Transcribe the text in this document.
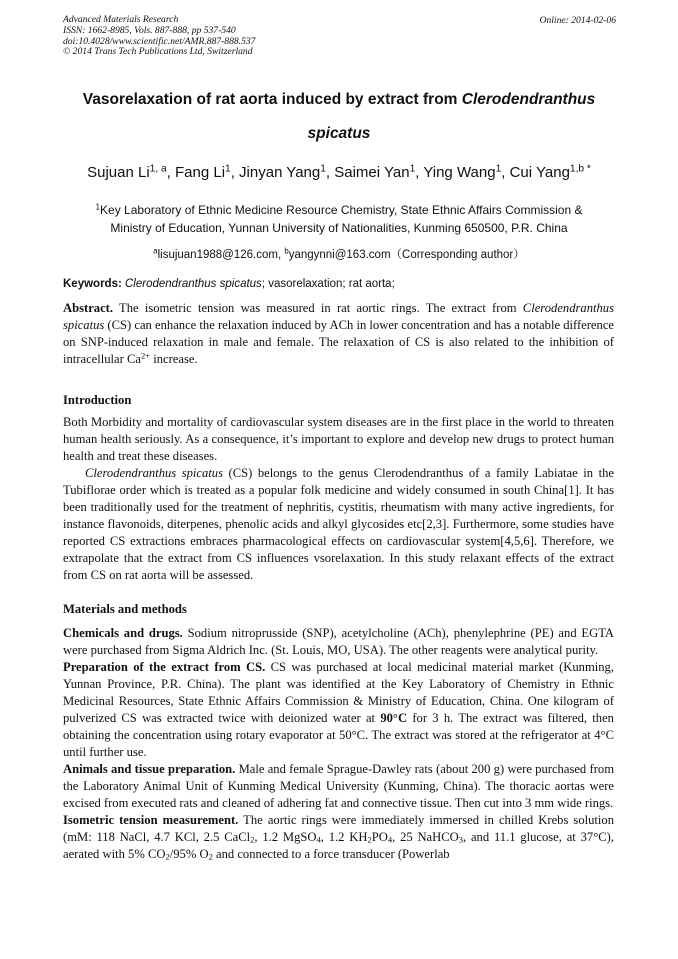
Advanced Materials Research
ISSN: 1662-8985, Vols. 887-888, pp 537-540
doi:10.4028/www.scientific.net/AMR.887-888.537
© 2014 Trans Tech Publications Ltd, Switzerland
Online: 2014-02-06
Vasorelaxation of rat aorta induced by extract from Clerodendranthus
spicatus
Sujuan Li$^{1, a}$, Fang Li$^1$, Jinyan Yang$^1$, Saimei Yan$^1$, Ying Wang$^1$, Cui Yang$^{1,b *}$
$^1$Key Laboratory of Ethnic Medicine Resource Chemistry, State Ethnic Affairs Commission &
Ministry of Education, Yunnan University of Nationalities, Kunming 650500, P.R. China
$^a$lisujuan1988@126.com, $^b$yangynni@163.com（Corresponding author）
Keywords: Clerodendranthus spicatus; vasorelaxation; rat aorta;

Abstract. The isometric tension was measured in rat aortic rings. The extract from Clerodendranthus spicatus (CS) can enhance the relaxation induced by ACh in lower concentration and has a notable difference on SNP-induced relaxation in male and female. The relaxation of CS is also related to the inhibition of intracellular $Ca^{2+}$ increase.

Introduction

Both Morbidity and mortality of cardiovascular system diseases are in the first place in the world to threaten human health seriously. As a consequence, it’s important to explore and develop new drugs to protect human health and treat these diseases.

Clerodendranthus spicatus (CS) belongs to the genus Clerodendranthus of a family Labiatae in the Tubiflorae order which is treated as a popular folk medicine and widely consumed in south China[1]. It has been traditionally used for the treatment of nephritis, cystitis, rheumatism with many active ingredients, for instance flavonoids, diterpenes, phenolic acids and alkyl glycosides etc[2,3]. Furthermore, some studies have reported CS extractions embraces pharmacological effects on cardiovascular system[4,5,6]. Therefore, we extrapolate that the extract from CS influences vsorelaxation. In this study relaxant effects of the extract from CS on rat aorta will be assessed.

Materials and methods

Chemicals and drugs. Sodium nitroprusside (SNP), acetylcholine (ACh), phenylephrine (PE) and EGTA were purchased from Sigma Aldrich Inc. (St. Louis, MO, USA). The other reagents were analytical purity.

Preparation of the extract from CS. CS was purchased at local medicinal material market (Kunming, Yunnan Province, P.R. China). The plant was identified at the Key Laboratory of Chemistry in Ethnic Medicinal Resources, State Ethnic Affairs Commission & Ministry of Education, China. One kilogram of pulverized CS was extracted twice with deionized water at 90°C for 3 h. The extract was filtered, then obtaining the concentration using rotary evaporator at 50°C. The extract was stored at the refrigerator at 4°C until further use.

Animals and tissue preparation. Male and female Sprague-Dawley rats (about 200 g) were purchased from the Laboratory Animal Unit of Kunming Medical University (Kunming, China). The thoracic aortas were excised from executed rats and cleaned of adhering fat and connective tissue. Then cut into 3 mm wide rings.

Isometric tension measurement. The aortic rings were immediately immersed in chilled Krebs solution (mM: 118 NaCl, 4.7 KCl, 2.5 CaCl$_2$, 1.2 MgSO$_4$, 1.2 $KH_2PO_4$, 25 NaHCO$_3$, and 11.1 glucose, at 37°C), aerated with 5% $CO_2/95\%$ $O_2$ and connected to a force transducer (Powerlab
